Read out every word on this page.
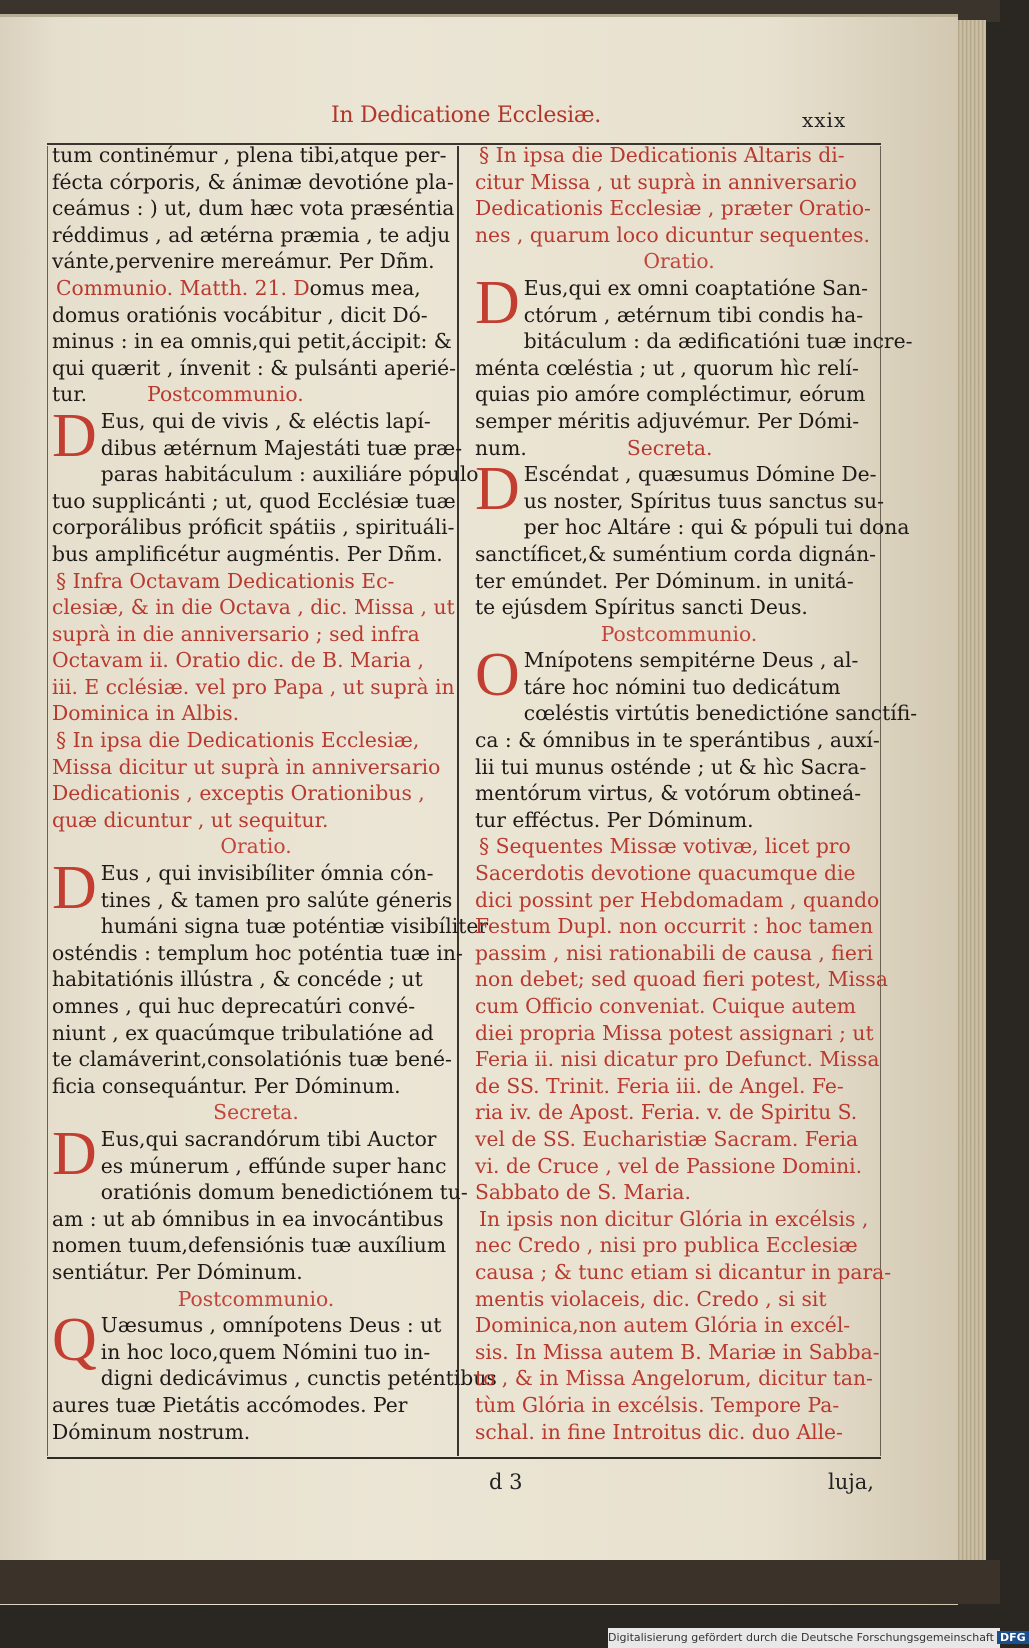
In Dedicatione Ecclesiæ.	xxix
tum continémur , plena tibi,atque per-
fécta córporis, & ánimæ devotióne pla-
ceámus : ) ut, dum hæc vota præséntia
réddimus , ad ætérna præmia , te adju
vánte,pervenire mereámur. Per Dñm.
Communio. Matth. 21. Domus mea,
domus oratiónis vocábitur , dicit Dó-
minus : in ea omnis,qui petit,áccipit: &
qui quærit , ínvenit : & pulsánti aperié-
tur.	Postcommunio.
D Eus, qui de vivis , & eléctis lapí-
dibus ætérnum Majestáti tuæ præ-
paras habitáculum : auxiliáre pópulo
tuo supplicánti ; ut, quod Ecclésiæ tuæ
corporálibus próficit spátiis , spirituáli-
bus amplificétur augméntis. Per Dñm.
§ Infra Octavam Dedicationis Ec-
clesiæ, & in die Octava , dic. Missa , ut
suprà in die anniversario ; sed infra
Octavam ii. Oratio dic. de B. Maria ,
iii. E cclésiæ. vel pro Papa , ut suprà in
Dominica in Albis.
§ In ipsa die Dedicationis Ecclesiæ,
Missa dicitur ut suprà in anniversario
Dedicationis , exceptis Orationibus ,
quæ dicuntur , ut sequitur.
Oratio.
D Eus , qui invisibíliter ómnia cón-
tines , & tamen pro salúte géneris
humáni signa tuæ poténtiæ visibíliter
osténdis : templum hoc poténtia tuæ in-
habitatiónis illústra , & concéde ; ut
omnes , qui huc deprecatúri convé-
niunt , ex quacúmque tribulatióne ad
te clamáverint,consolatiónis tuæ bené-
ficia consequántur. Per Dóminum.
Secreta.
D Eus,qui sacrandórum tibi Auctor
es múnerum , effúnde super hanc
oratiónis domum benedictiónem tu-
am : ut ab ómnibus in ea invocántibus
nomen tuum,defensiónis tuæ auxílium
sentiátur. Per Dóminum.
Postcommunio.
Q Uæsumus , omnípotens Deus : ut
in hoc loco,quem Nómini tuo in-
digni dedicávimus , cunctis peténtibus
aures tuæ Pietátis accómodes. Per
Dóminum nostrum.
§ In ipsa die Dedicationis Altaris di-
citur Missa , ut suprà in anniversario
Dedicationis Ecclesiæ , præter Oratio-
nes , quarum loco dicuntur sequentes.
Oratio.
D Eus,qui ex omni coaptatióne San-
ctórum , ætérnum tibi condis ha-
bitáculum : da ædificatióni tuæ incre-
ménta cœléstia ; ut , quorum hìc relí-
quias pio amóre compléctimur, eórum
semper méritis adjuvémur. Per Dómi-
num.	Secreta.
D Escéndat , quæsumus Dómine De-
us noster, Spíritus tuus sanctus su-
per hoc Altáre : qui & pópuli tui dona
sanctíficet,& suméntium corda dignán-
ter emúndet. Per Dóminum. in unitá-
te ejúsdem Spíritus sancti Deus.
Postcommunio.
O Mnípotens sempitérne Deus , al-
táre hoc nómini tuo dedicátum
cœléstis virtútis benedictióne sanctífi-
ca : & ómnibus in te sperántibus , auxí-
lii tui munus osténde ; ut & hìc Sacra-
mentórum virtus, & votórum obtineá-
tur efféctus. Per Dóminum.
§ Sequentes Missæ votivæ, licet pro
Sacerdotis devotione quacumque die
dici possint per Hebdomadam , quando
Festum Dupl. non occurrit : hoc tamen
passim , nisi rationabili de causa , fieri
non debet; sed quoad fieri potest, Missa
cum Officio conveniat. Cuique autem
diei propria Missa potest assignari ; ut
Feria ii. nisi dicatur pro Defunct. Missa
de SS. Trinit. Feria iii. de Angel. Fe-
ria iv. de Apost. Feria. v. de Spiritu S.
vel de SS. Eucharistiæ Sacram. Feria
vi. de Cruce , vel de Passione Domini.
Sabbato de S. Maria.
In ipsis non dicitur Glória in excélsis ,
nec Credo , nisi pro publica Ecclesiæ
causa ; & tunc etiam si dicantur in para-
mentis violaceis, dic. Credo , si sit
Dominica,non autem Glória in excél-
sis. In Missa autem B. Mariæ in Sabba-
to , & in Missa Angelorum, dicitur tan-
tùm Glória in excélsis. Tempore Pa-
schal. in fine Introitus dic. duo Alle-
d 3	luja,
Digitalisierung gefördert durch die Deutsche Forschungsgemeinschaft DFG
